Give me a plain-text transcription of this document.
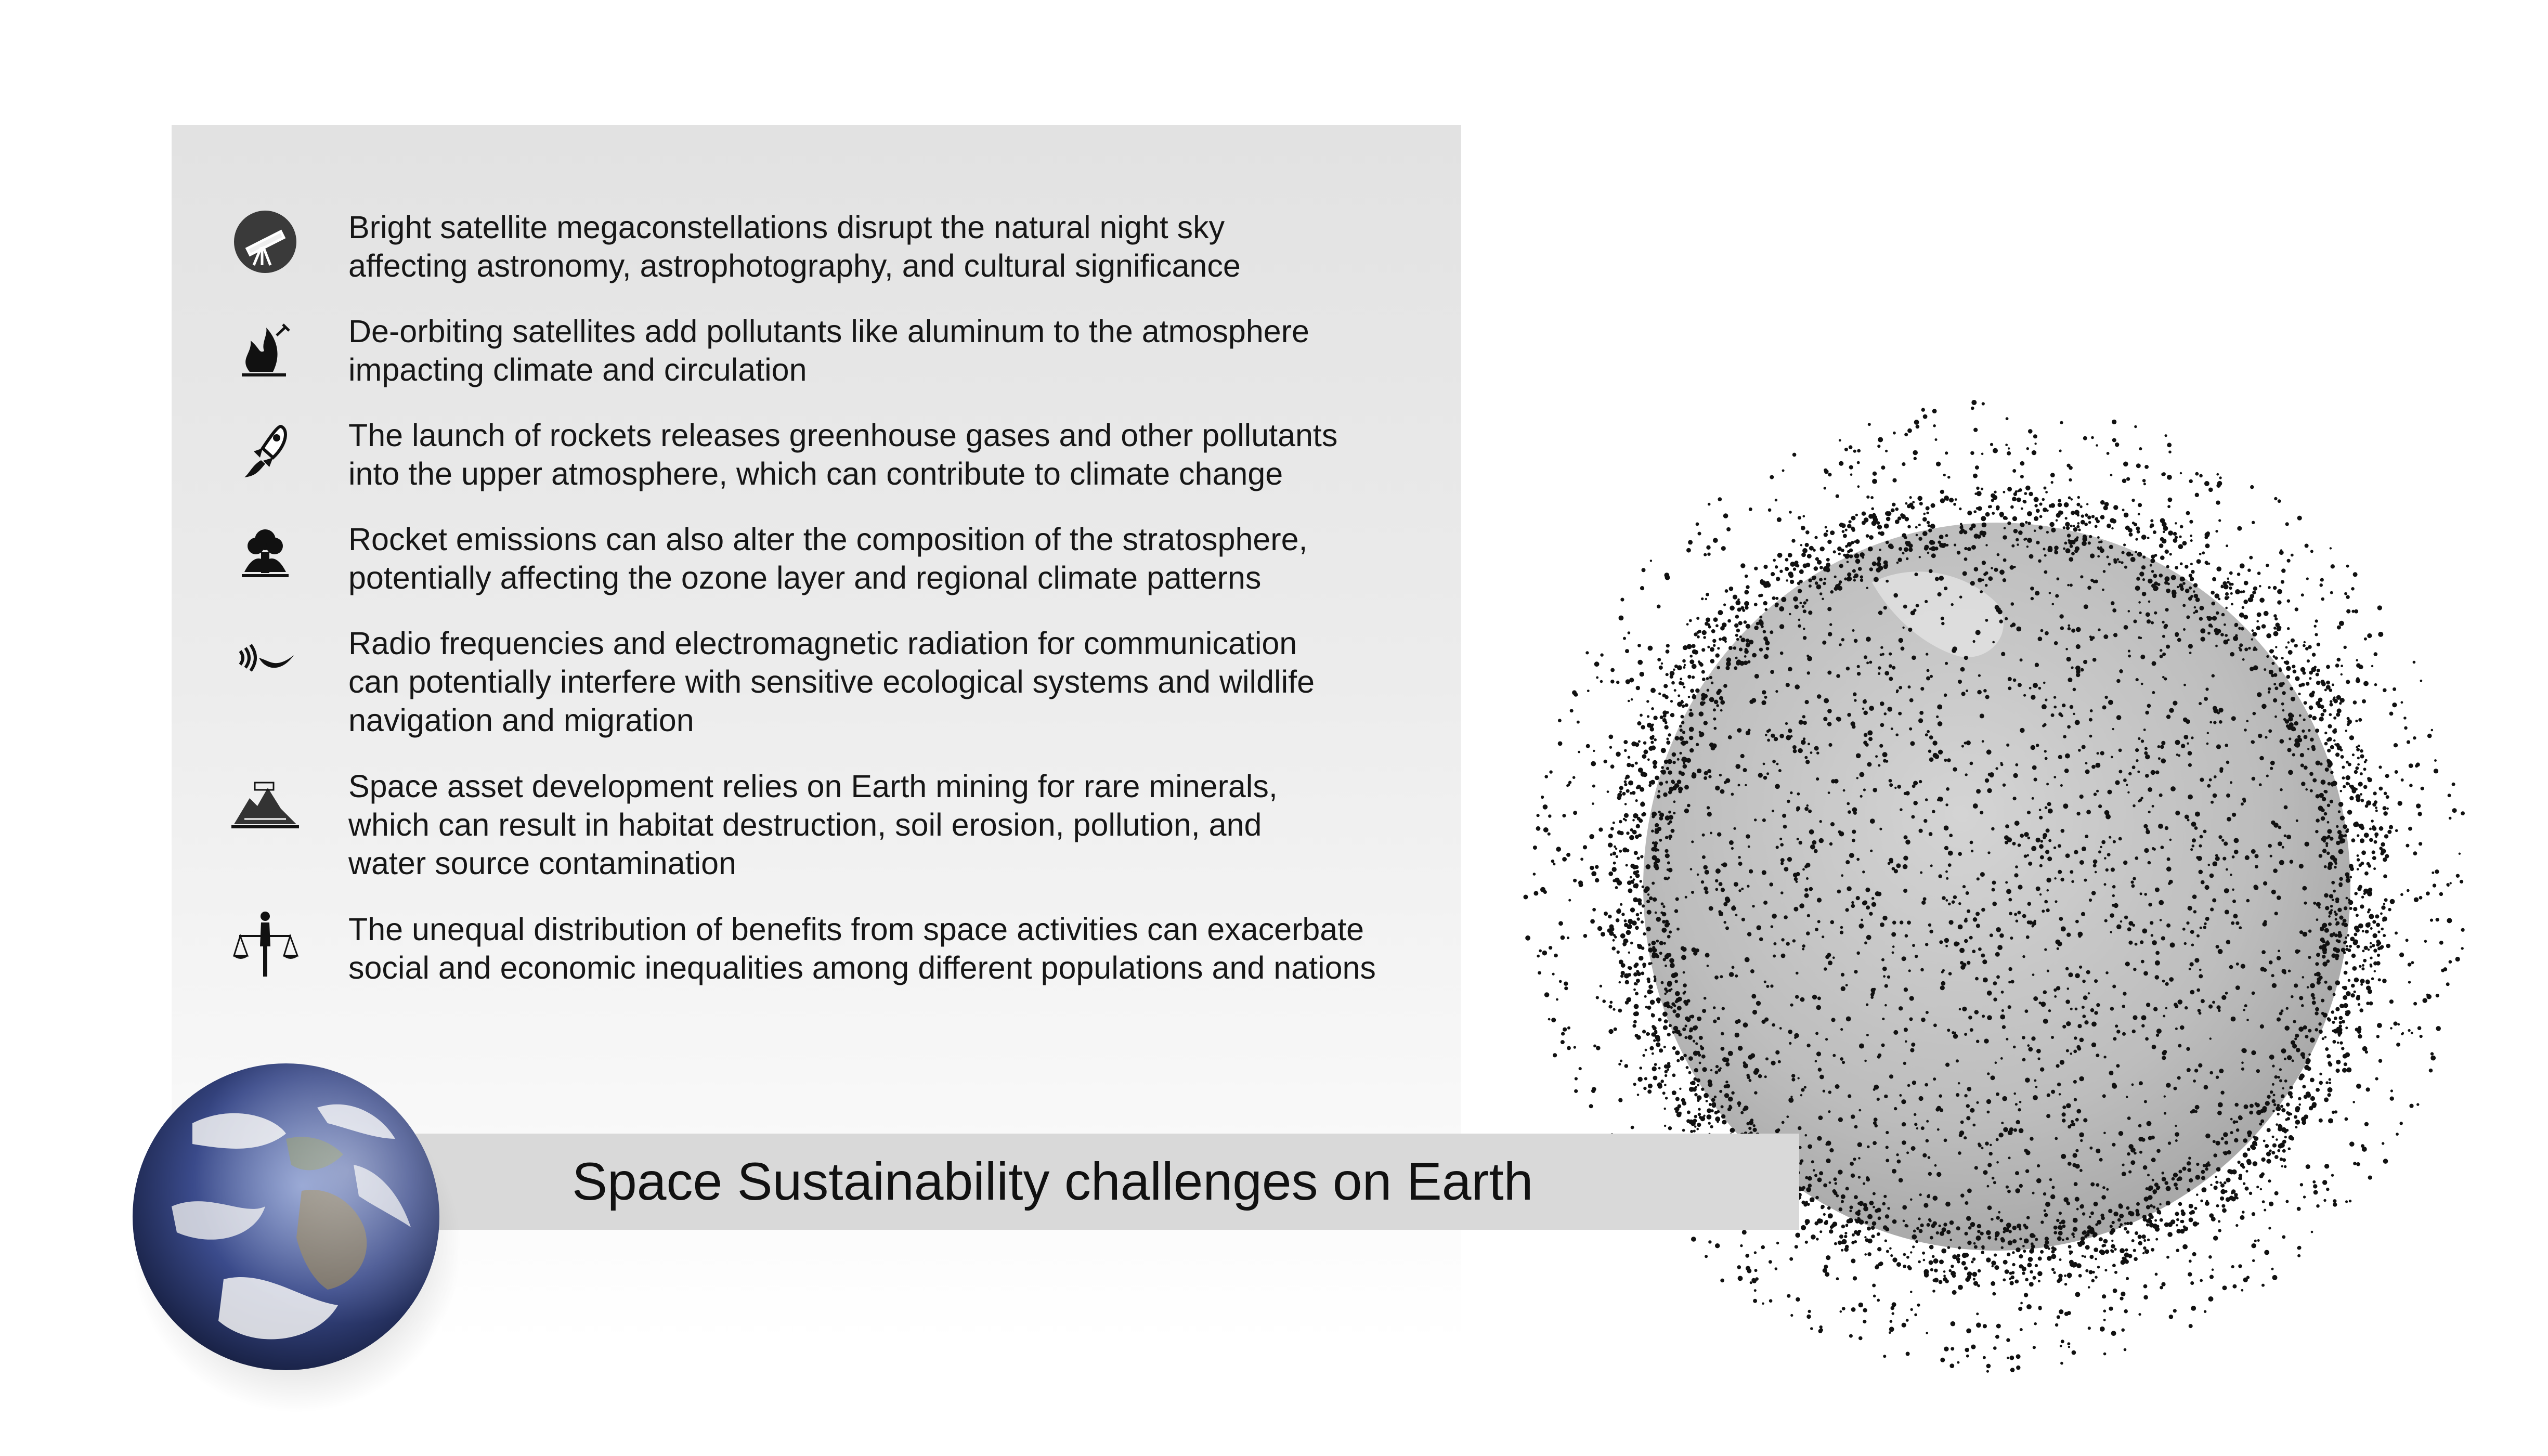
Bright satellite megaconstellations disrupt the natural night sky
affecting astronomy, astrophotography, and cultural significance
De-orbiting satellites add pollutants like aluminum to the atmosphere
impacting climate and circulation
The launch of rockets releases greenhouse gases and other pollutants
into the upper atmosphere, which can contribute to climate change
Rocket emissions can also alter the composition of the stratosphere,
potentially affecting the ozone layer and regional climate patterns
Radio frequencies and electromagnetic radiation for communication
can potentially interfere with sensitive ecological systems and wildlife
navigation and migration
Space asset development relies on Earth mining for rare minerals,
which can result in habitat destruction, soil erosion, pollution, and
water source contamination
The unequal distribution of benefits from space activities can exacerbate
social and economic inequalities among different populations and nations
Space Sustainability challenges on Earth
